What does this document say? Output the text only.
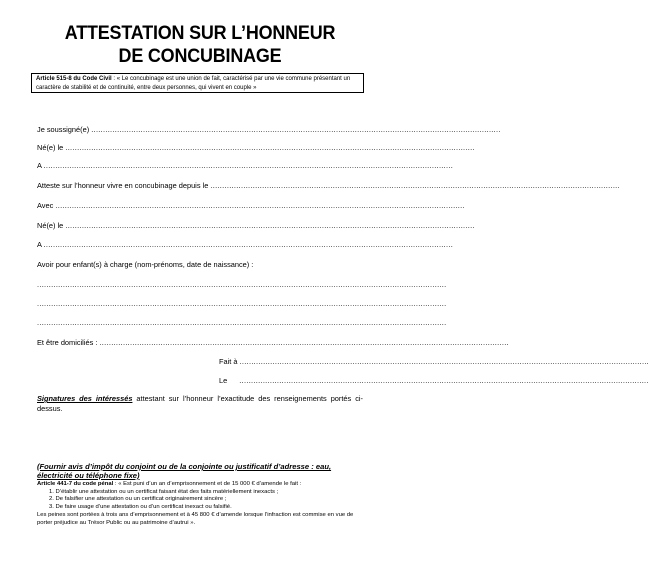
ATTESTATION SUR L’HONNEUR
DE CONCUBINAGE
Article 515-8 du Code Civil : « Le concubinage est une union de fait, caractérisé par une vie commune présentant un caractère de stabilité et de continuité, entre deux personnes, qui vivent en couple »
Je soussigné(e) ..............................................................................................................................................................................
Né(e) le ..............................................................................................................................................................................
A ..............................................................................................................................................................................
Atteste sur l’honneur vivre en concubinage depuis le ..............................................................................................................................................................................
Avec ..............................................................................................................................................................................
Né(e) le ..............................................................................................................................................................................
A ..............................................................................................................................................................................
Avoir pour enfant(s) à charge (nom-prénoms, date de naissance) :
..............................................................................................................................................................................
..............................................................................................................................................................................
..............................................................................................................................................................................
Et être domiciliés : ..............................................................................................................................................................................
Fait à ..............................................................................................................................................................................
Le ..............................................................................................................................................................................
Signatures des intéressés attestant sur l’honneur l’exactitude des renseignements portés ci-dessus.
(Fournir avis d’impôt du conjoint ou de la conjointe ou justificatif d’adresse : eau, électricité ou téléphone fixe)
Article 441-7 du code pénal : « Est puni d’un an d’emprisonnement et de 15 000 € d’amende le fait :
1. D’établir une attestation ou un certificat faisant état des faits matériellement inexacts ;
2. De falsifier une attestation ou un certificat originairement sincère ;
3. De faire usage d’une attestation ou d’un certificat inexact ou falsifié.
Les peines sont portées à trois ans d’emprisonnement et à 45 800 € d’amende lorsque l’infraction est commise en vue de porter préjudice au Trésor Public ou au patrimoine d’autrui ».
